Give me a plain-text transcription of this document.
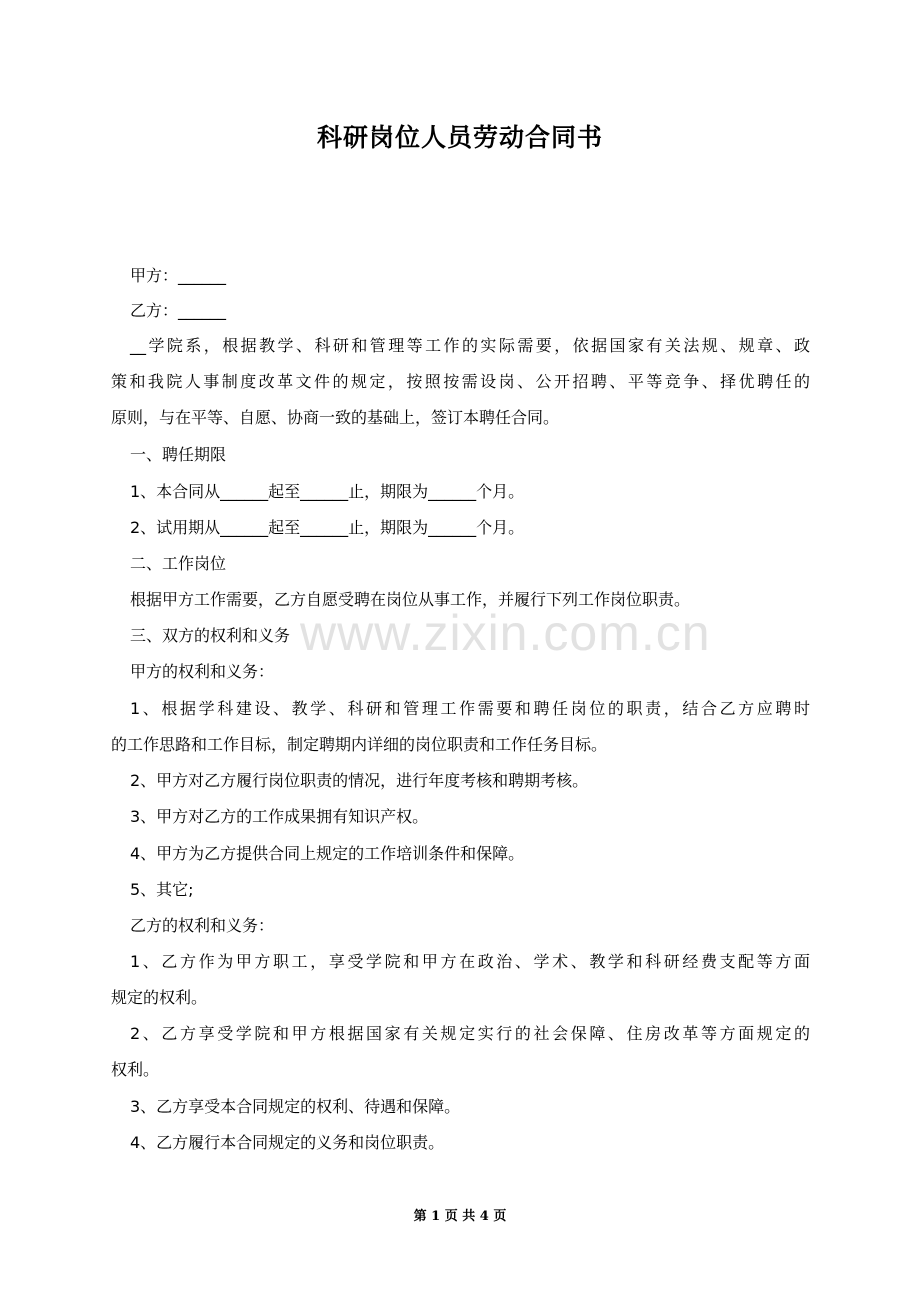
科研岗位人员劳动合同书
www.zixin.com.cn
甲方：______
乙方：______
__学院系，根据教学、科研和管理等工作的实际需要，依据国家有关法规、规章、政
策和我院人事制度改革文件的规定，按照按需设岗、公开招聘、平等竞争、择优聘任的
原则，与在平等、自愿、协商一致的基础上，签订本聘任合同。
一、聘任期限
1、本合同从______起至______止，期限为______个月。
2、试用期从______起至______止，期限为______个月。
二、工作岗位
根据甲方工作需要，乙方自愿受聘在岗位从事工作，并履行下列工作岗位职责。
三、双方的权利和义务
甲方的权利和义务：
1、根据学科建设、教学、科研和管理工作需要和聘任岗位的职责，结合乙方应聘时
的工作思路和工作目标，制定聘期内详细的岗位职责和工作任务目标。
2、甲方对乙方履行岗位职责的情况，进行年度考核和聘期考核。
3、甲方对乙方的工作成果拥有知识产权。
4、甲方为乙方提供合同上规定的工作培训条件和保障。
5、其它;
乙方的权利和义务：
1、乙方作为甲方职工，享受学院和甲方在政治、学术、教学和科研经费支配等方面
规定的权利。
2、乙方享受学院和甲方根据国家有关规定实行的社会保障、住房改革等方面规定的
权利。
3、乙方享受本合同规定的权利、待遇和保障。
4、乙方履行本合同规定的义务和岗位职责。
第 1 页 共 4 页
